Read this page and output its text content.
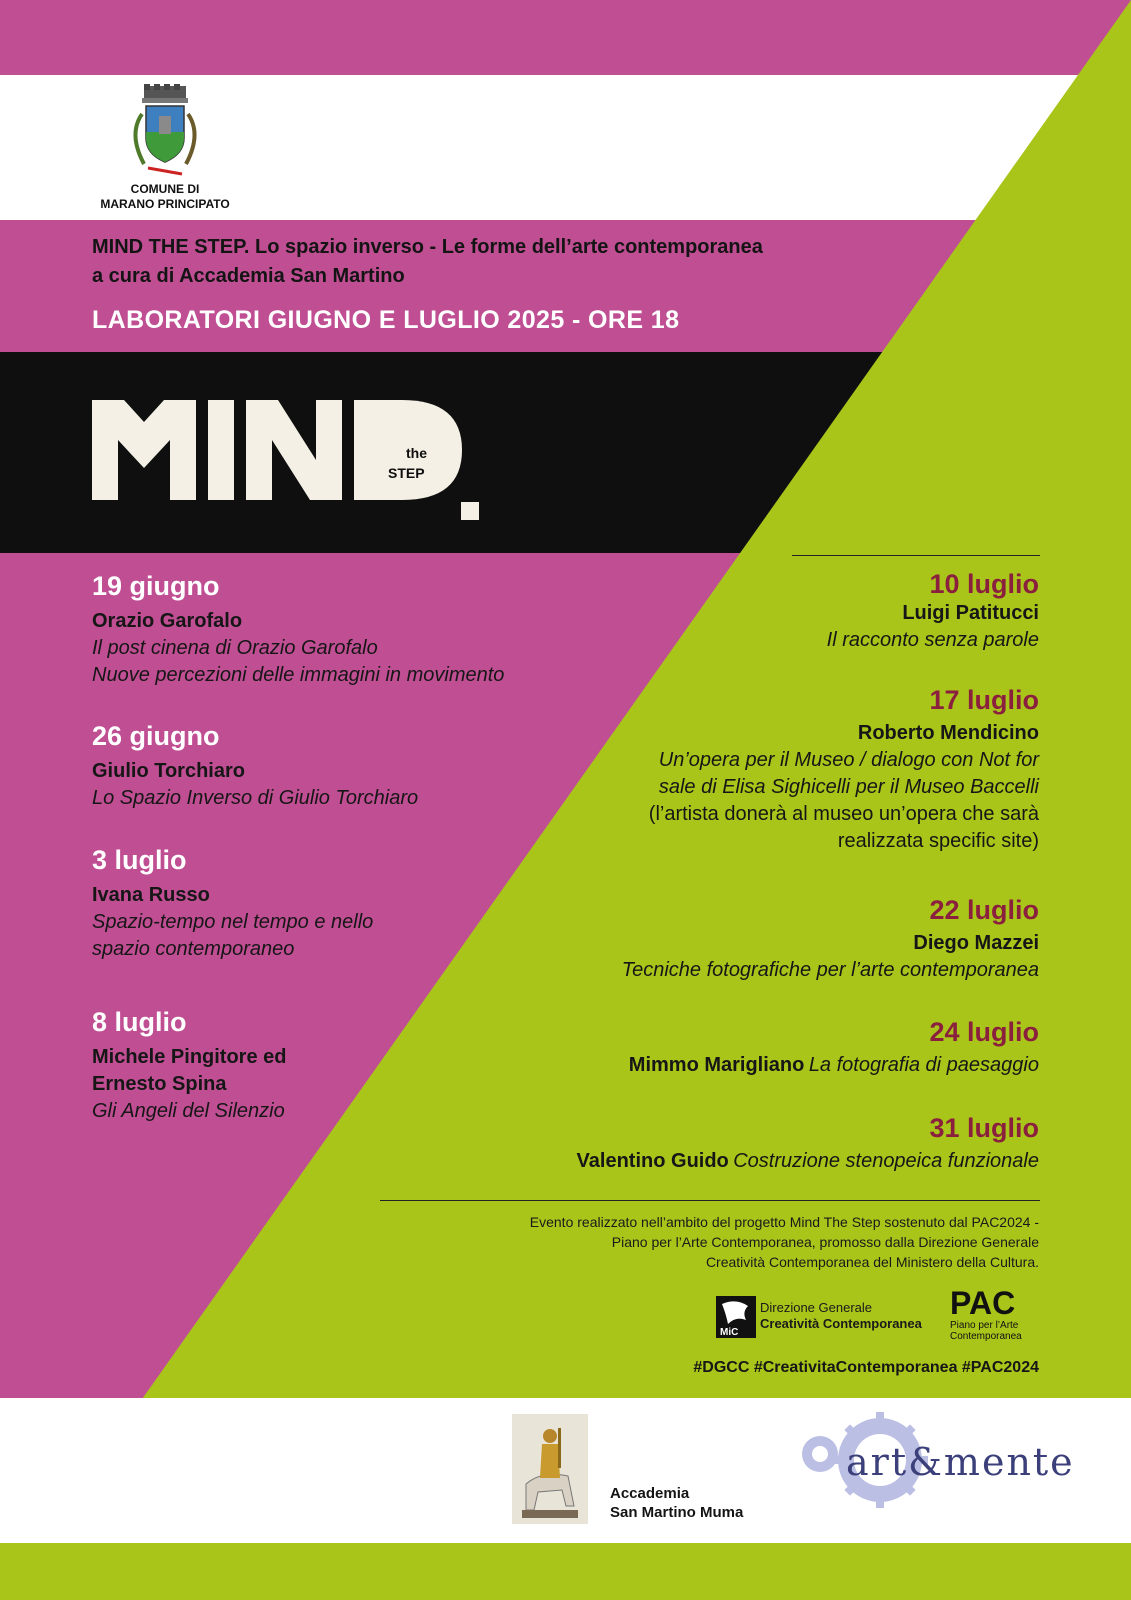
COMUNE DI
MARANO PRINCIPATO
MIND THE STEP. Lo spazio inverso - Le forme dell’arte contemporanea
a cura di Accademia San Martino
LABORATORI GIUGNO E LUGLIO 2025 - ORE 18
the
STEP
19 giugno
Orazio Garofalo
Il post cinena di Orazio Garofalo
Nuove percezioni delle immagini in movimento
26 giugno
Giulio Torchiaro
Lo Spazio Inverso di Giulio Torchiaro
3 luglio
Ivana Russo
Spazio-tempo nel tempo e nello
spazio contemporaneo
8 luglio
Michele Pingitore ed
Ernesto Spina
Gli Angeli del Silenzio
10 luglio
Luigi Patitucci
Il racconto senza parole
17 luglio
Roberto Mendicino
Un’opera per il Museo / dialogo con Not for
sale di Elisa Sighicelli per il Museo Baccelli
(l’artista donerà al museo un’opera che sarà
realizzata specific site)
22 luglio
Diego Mazzei
Tecniche fotografiche per l’arte contemporanea
24 luglio
Mimmo Marigliano La fotografia di paesaggio
31 luglio
Valentino Guido Costruzione stenopeica funzionale
Evento realizzato nell’ambito del progetto Mind The Step sostenuto dal PAC2024 -
Piano per l’Arte Contemporanea, promosso dalla Direzione Generale
Creatività Contemporanea del Ministero della Cultura.
MiC
Direzione Generale
Creatività Contemporanea
PAC
Piano per l’Arte
Contemporanea
#DGCC #CreativitaContemporanea #PAC2024
Accademia
San Martino Muma
art&mente
